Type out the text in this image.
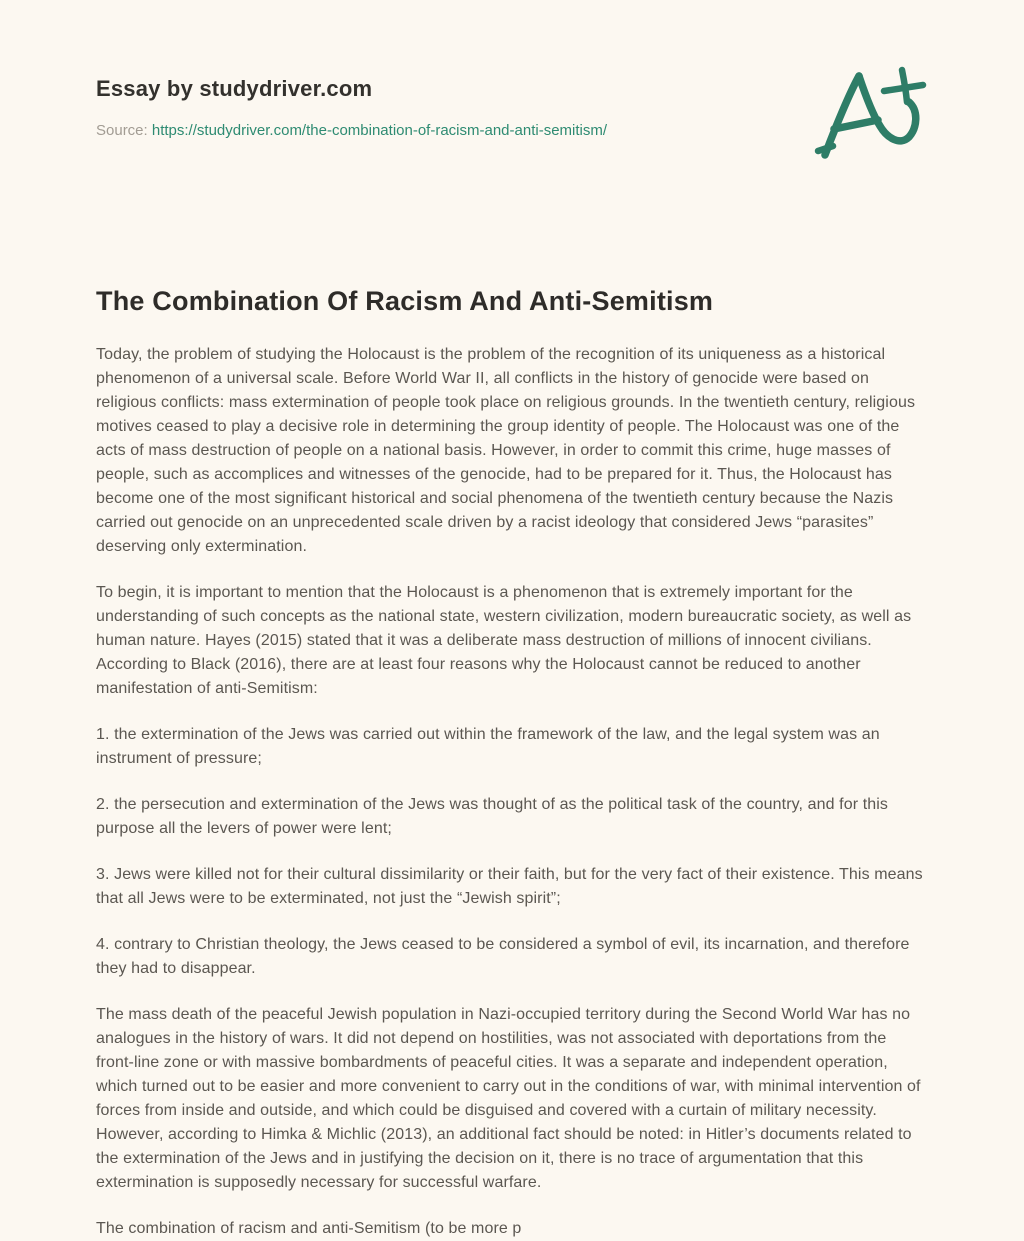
Essay by studydriver.com
Source: https://studydriver.com/the-combination-of-racism-and-anti-semitism/
The Combination Of Racism And Anti-Semitism

Today, the problem of studying the Holocaust is the problem of the recognition of its uniqueness as a historical phenomenon of a universal scale. Before World War II, all conflicts in the history of genocide were based on religious conflicts: mass extermination of people took place on religious grounds. In the twentieth century, religious motives ceased to play a decisive role in determining the group identity of people. The Holocaust was one of the acts of mass destruction of people on a national basis. However, in order to commit this crime, huge masses of people, such as accomplices and witnesses of the genocide, had to be prepared for it. Thus, the Holocaust has become one of the most significant historical and social phenomena of the twentieth century because the Nazis carried out genocide on an unprecedented scale driven by a racist ideology that considered Jews “parasites” deserving only extermination.

To begin, it is important to mention that the Holocaust is a phenomenon that is extremely important for the understanding of such concepts as the national state, western civilization, modern bureaucratic society, as well as human nature. Hayes (2015) stated that it was a deliberate mass destruction of millions of innocent civilians. According to Black (2016), there are at least four reasons why the Holocaust cannot be reduced to another manifestation of anti-Semitism:

1. the extermination of the Jews was carried out within the framework of the law, and the legal system was an instrument of pressure;

2. the persecution and extermination of the Jews was thought of as the political task of the country, and for this purpose all the levers of power were lent;

3. Jews were killed not for their cultural dissimilarity or their faith, but for the very fact of their existence. This means that all Jews were to be exterminated, not just the “Jewish spirit”;

4. contrary to Christian theology, the Jews ceased to be considered a symbol of evil, its incarnation, and therefore they had to disappear.

The mass death of the peaceful Jewish population in Nazi-occupied territory during the Second World War has no analogues in the history of wars. It did not depend on hostilities, was not associated with deportations from the front-line zone or with massive bombardments of peaceful cities. It was a separate and independent operation, which turned out to be easier and more convenient to carry out in the conditions of war, with minimal intervention of forces from inside and outside, and which could be disguised and covered with a curtain of military necessity. However, according to Himka & Michlic (2013), an additional fact should be noted: in Hitler’s documents related to the extermination of the Jews and in justifying the decision on it, there is no trace of argumentation that this extermination is supposedly necessary for successful warfare.

The combination of racism and anti-Semitism (to be more p
